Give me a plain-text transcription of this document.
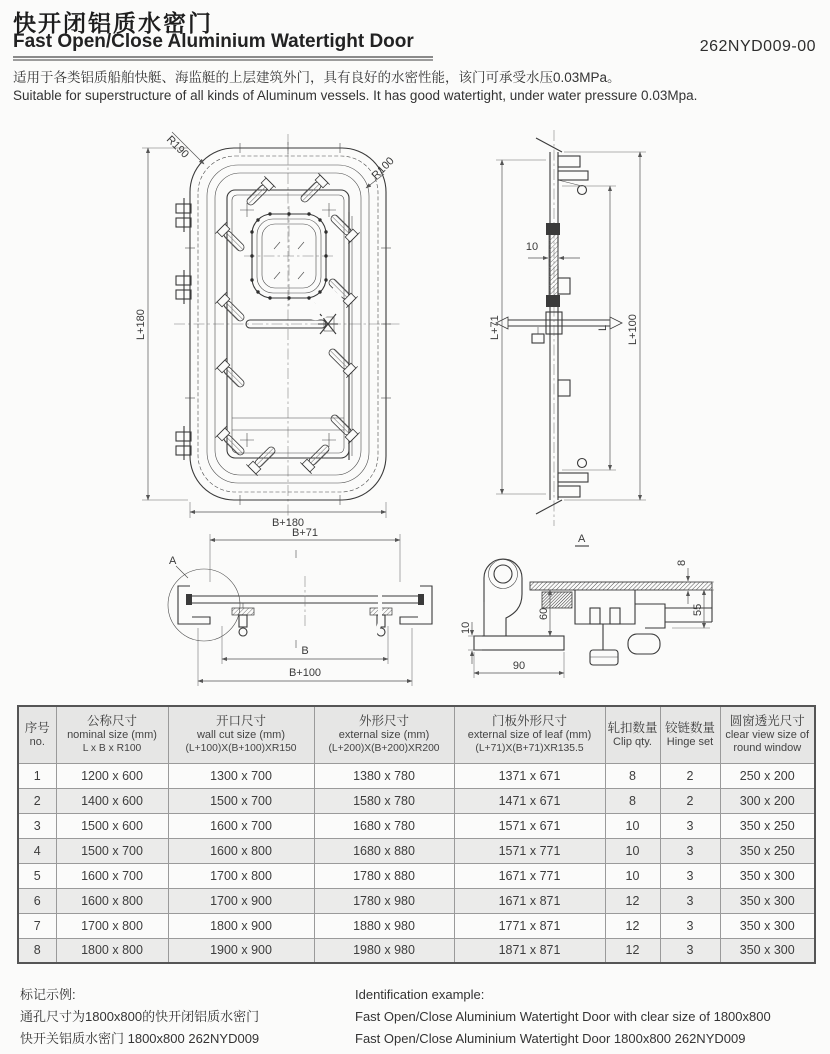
快开闭铝质水密门
Fast Open/Close Aluminium Watertight Door	262NYD009-00
适用于各类铝质船舶快艇、海监艇的上层建筑外门，具有良好的水密性能，该门可承受水压0.03MPa。
Suitable for superstructure of all kinds of Aluminum vessels. It has good watertight, under water pressure 0.03Mpa.
L+180
B+180
R190
R100
L+71
10
L L+100
A
B+71
B
B+100
A
8
55
60
10
90
序号
no.

公称尺寸
nominal size (mm)
L x B x R100

开口尺寸
wall cut size (mm)
(L+100)X(B+100)XR150

外形尺寸
external size (mm)
(L+200)X(B+200)XR200

门板外形尺寸
external size of leaf (mm)
(L+71)X(B+71)XR135.5

轧扣数量
Clip qty.

铰链数量
Hinge set

圆窗透光尺寸
clear view size of round window

1	1200 x 600	1300 x 700	1380 x 780	1371 x 671	8	2	250 x 200
2	1400 x 600	1500 x 700	1580 x 780	1471 x 671	8	2	300 x 200
3	1500 x 600	1600 x 700	1680 x 780	1571 x 671	10	3	350 x 250
4	1500 x 700	1600 x 800	1680 x 880	1571 x 771	10	3	350 x 250
5	1600 x 700	1700 x 800	1780 x 880	1671 x 771	10	3	350 x 300
6	1600 x 800	1700 x 900	1780 x 980	1671 x 871	12	3	350 x 300
7	1700 x 800	1800 x 900	1880 x 980	1771 x 871	12	3	350 x 300
8	1800 x 800	1900 x 900	1980 x 980	1871 x 871	12	3	350 x 300
标记示例:
通孔尺寸为1800x800的快开闭铝质水密门
快开关铝质水密门 1800x800 262NYD009
Identification example:
Fast Open/Close Aluminium Watertight Door with clear size of 1800x800
Fast Open/Close Aluminium Watertight Door 1800x800 262NYD009
